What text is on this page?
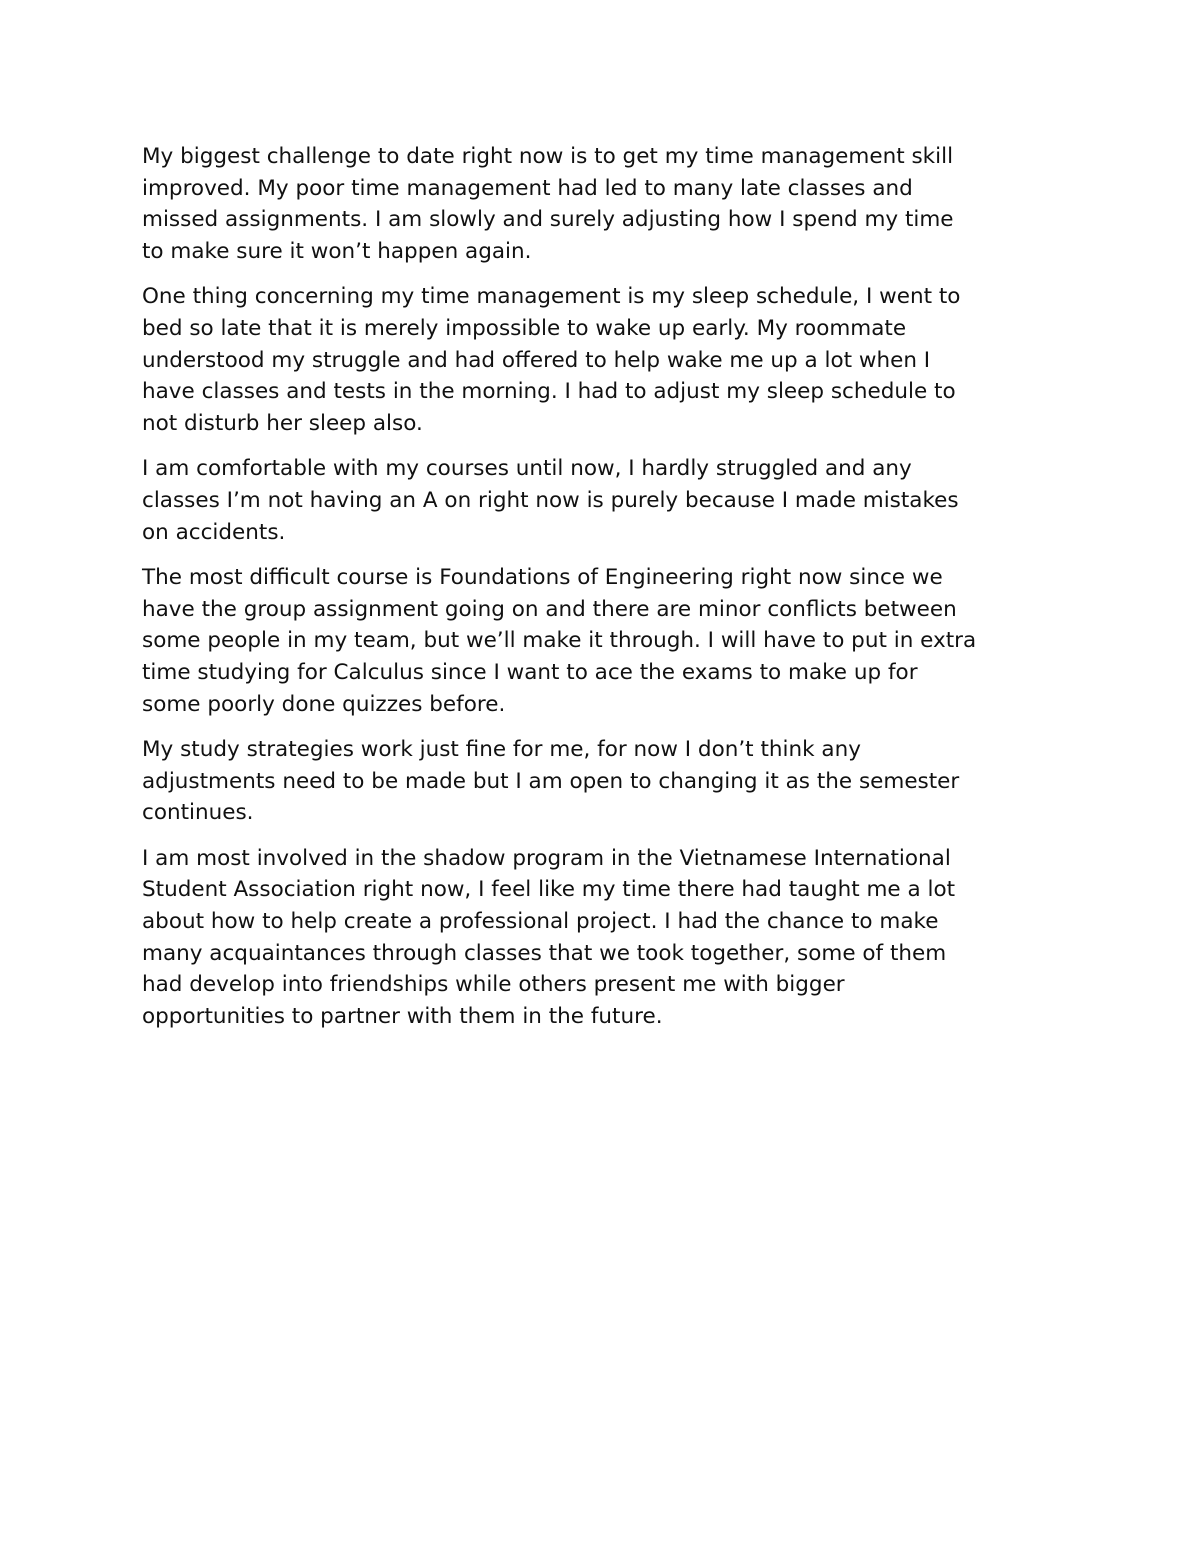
My biggest challenge to date right now is to get my time management skill
improved. My poor time management had led to many late classes and
missed assignments. I am slowly and surely adjusting how I spend my time
to make sure it won’t happen again.

One thing concerning my time management is my sleep schedule, I went to
bed so late that it is merely impossible to wake up early. My roommate
understood my struggle and had offered to help wake me up a lot when I
have classes and tests in the morning. I had to adjust my sleep schedule to
not disturb her sleep also.

I am comfortable with my courses until now, I hardly struggled and any
classes I’m not having an A on right now is purely because I made mistakes
on accidents.

The most difficult course is Foundations of Engineering right now since we
have the group assignment going on and there are minor conflicts between
some people in my team, but we’ll make it through. I will have to put in extra
time studying for Calculus since I want to ace the exams to make up for
some poorly done quizzes before.

My study strategies work just fine for me, for now I don’t think any
adjustments need to be made but I am open to changing it as the semester
continues.

I am most involved in the shadow program in the Vietnamese International
Student Association right now, I feel like my time there had taught me a lot
about how to help create a professional project. I had the chance to make
many acquaintances through classes that we took together, some of them
had develop into friendships while others present me with bigger
opportunities to partner with them in the future.
